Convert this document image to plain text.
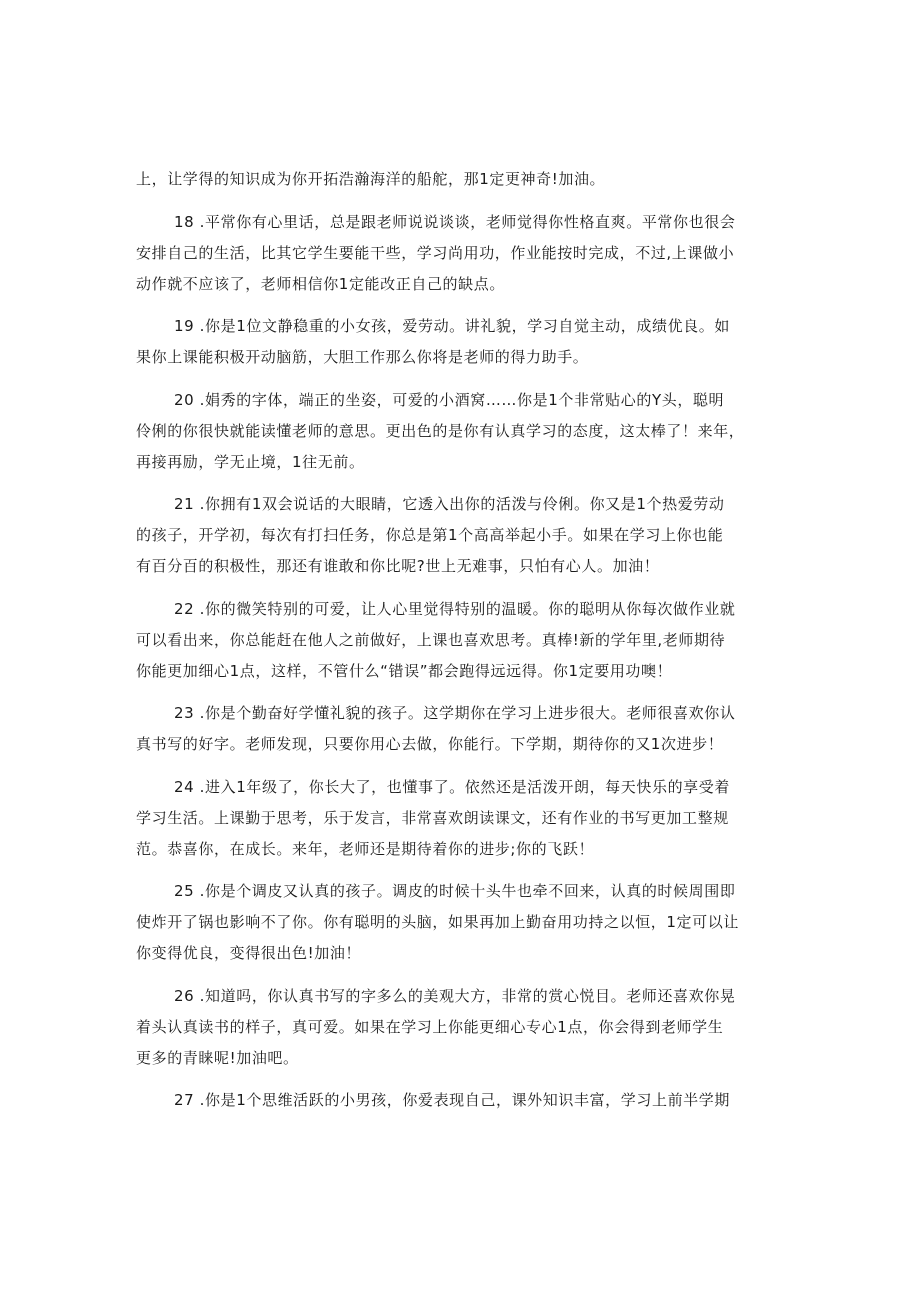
上，让学得的知识成为你开拓浩瀚海洋的船舵，那1定更神奇!加油。
18 .平常你有心里话，总是跟老师说说谈谈，老师觉得你性格直爽。平常你也很会
安排自己的生活，比其它学生要能干些，学习尚用功，作业能按时完成，不过,上课做小
动作就不应该了，老师相信你1定能改正自己的缺点。
19 .你是1位文静稳重的小女孩，爱劳动。讲礼貌，学习自觉主动，成绩优良。如
果你上课能积极开动脑筋，大胆工作那么你将是老师的得力助手。
20 .娟秀的字体，端正的坐姿，可爱的小酒窝……你是1个非常贴心的Y头，聪明
伶俐的你很快就能读懂老师的意思。更出色的是你有认真学习的态度，这太棒了！来年，
再接再励，学无止境，1往无前。
21 .你拥有1双会说话的大眼睛，它透入出你的活泼与伶俐。你又是1个热爱劳动
的孩子，开学初，每次有打扫任务，你总是第1个高高举起小手。如果在学习上你也能
有百分百的积极性，那还有谁敢和你比呢?世上无难事，只怕有心人。加油！
22 .你的微笑特别的可爱，让人心里觉得特别的温暖。你的聪明从你每次做作业就
可以看出来，你总能赶在他人之前做好，上课也喜欢思考。真棒!新的学年里,老师期待
你能更加细心1点，这样，不管什么“错误”都会跑得远远得。你1定要用功噢！
23 .你是个勤奋好学懂礼貌的孩子。这学期你在学习上进步很大。老师很喜欢你认
真书写的好字。老师发现，只要你用心去做，你能行。下学期，期待你的又1次进步！
24 .进入1年级了，你长大了，也懂事了。依然还是活泼开朗，每天快乐的享受着
学习生活。上课勤于思考，乐于发言，非常喜欢朗读课文，还有作业的书写更加工整规
范。恭喜你，在成长。来年，老师还是期待着你的进步;你的飞跃！
25 .你是个调皮又认真的孩子。调皮的时候十头牛也牵不回来，认真的时候周围即
使炸开了锅也影响不了你。你有聪明的头脑，如果再加上勤奋用功持之以恒，1定可以让
你变得优良，变得很出色!加油！
26 .知道吗，你认真书写的字多么的美观大方，非常的赏心悦目。老师还喜欢你晃
着头认真读书的样子，真可爱。如果在学习上你能更细心专心1点，你会得到老师学生
更多的青睐呢!加油吧。
27 .你是1个思维活跃的小男孩，你爱表现自己，课外知识丰富，学习上前半学期
